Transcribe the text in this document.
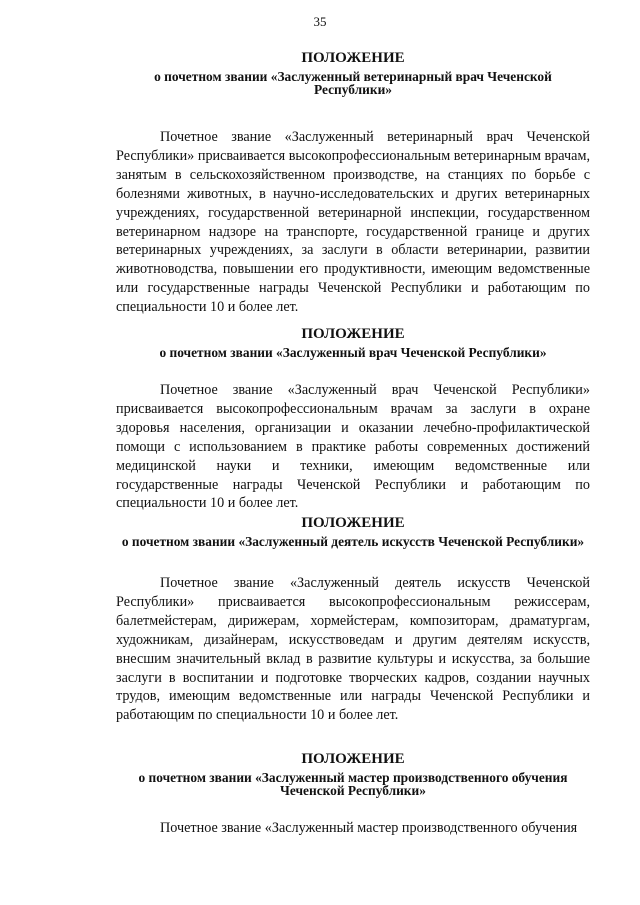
35
ПОЛОЖЕНИЕ
о почетном звании «Заслуженный ветеринарный врач Чеченской Республики»
Почетное звание «Заслуженный ветеринарный врач Чеченской Республики» присваивается высокопрофессиональным ветеринарным врачам, занятым в сельскохозяйственном производстве, на станциях по борьбе с болезнями животных, в научно-исследовательских и других ветеринарных учреждениях, государственной ветеринарной инспекции, государственном ветеринарном надзоре на транспорте, государственной границе и других ветеринарных учреждениях, за заслуги в области ветеринарии, развитии животноводства, повышении его продуктивности, имеющим ведомственные или государственные награды Чеченской Республики и работающим по специальности 10 и более лет.
ПОЛОЖЕНИЕ
о почетном звании «Заслуженный врач Чеченской Республики»
Почетное звание «Заслуженный врач Чеченской Республики» присваивается высокопрофессиональным врачам за заслуги в охране здоровья населения, организации и оказании лечебно-профилактической помощи с использованием в практике работы современных достижений медицинской науки и техники, имеющим ведомственные или государственные награды Чеченской Республики и работающим по специальности 10 и более лет.
ПОЛОЖЕНИЕ
о почетном звании «Заслуженный деятель искусств Чеченской Республики»
Почетное звание «Заслуженный деятель искусств Чеченской Республики» присваивается высокопрофессиональным режиссерам, балетмейстерам, дирижерам, хормейстерам, композиторам, драматургам, художникам, дизайнерам, искусствоведам и другим деятелям искусств, внесшим значительный вклад в развитие культуры и искусства, за большие заслуги в воспитании и подготовке творческих кадров, создании научных трудов, имеющим ведомственные или награды Чеченской Республики и работающим по специальности 10 и более лет.
ПОЛОЖЕНИЕ
о почетном звании «Заслуженный мастер производственного обучения Чеченской Республики»
Почетное звание «Заслуженный мастер производственного обучения
